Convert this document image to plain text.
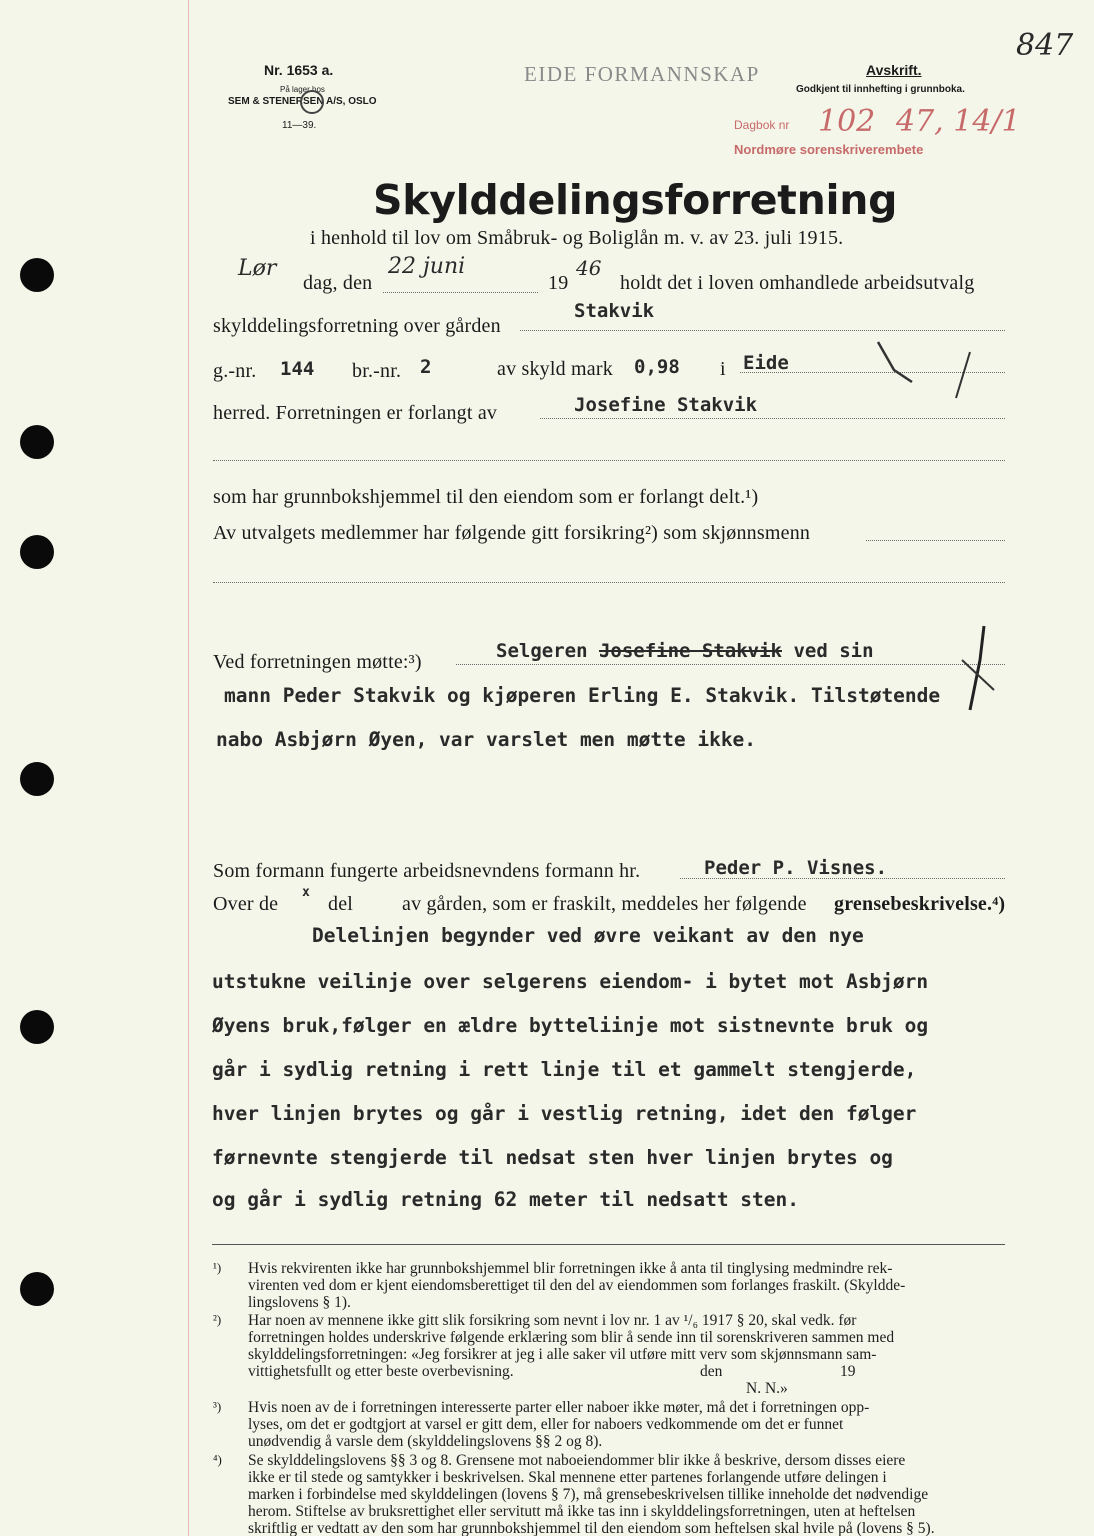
Nr. 1653 a.
På lager hos
SEM & STENERSEN A/S, OSLO
11—39.
EIDE FORMANNSKAP	Avskrift.
Godkjent til innhefting i grunnboka.
Dagbok nr 102 47, 14/1
Nordmøre sorenskriverembete
847
Skylddelingsforretning
i henhold til lov om Småbruk- og Boliglån m. v. av 23. juli 1915.
Lør
dag, den
22 juni
19
46
holdt det i loven omhandlede arbeidsutvalg
skylddelingsforretning over gården
Stakvik
g.-nr. 144 br.-nr. 2	av skyld mark 0,98 i Eide
herred. Forretningen er forlangt av	Josefine Stakvik
som har grunnbokshjemmel til den eiendom som er forlangt delt.¹)
Av utvalgets medlemmer har følgende gitt forsikring²) som skjønnsmenn
Ved forretningen møtte:³)	Selgeren Josefine Stakvik ved sin
mann Peder Stakvik og kjøperen Erling E. Stakvik. Tilstøtende
nabo Asbjørn Øyen, var varslet men møtte ikke.
Som formann fungerte arbeidsnevndens formann hr.	Peder P. Visnes.
Over de
x
del av gården, som er fraskilt, meddeles her følgende grensebeskrivelse.⁴)
Delelinjen begynder ved øvre veikant av den nye
utstukne veilinje over selgerens eiendom- i bytet mot Asbjørn
Øyens bruk,følger en ældre bytteliinje mot sistnevnte bruk og
går i sydlig retning i rett linje til et gammelt stengjerde,
hver linjen brytes og går i vestlig retning, idet den følger
førnevnte stengjerde til nedsat sten hver linjen brytes og
og går i sydlig retning 62 meter til nedsatt sten.
¹) Hvis rekvirenten ikke har grunnbokshjemmel blir forretningen ikke å anta til tinglysing medmindre rek-
virenten ved dom er kjent eiendomsberettiget til den del av eiendommen som forlanges fraskilt. (Skyldde-
lingslovens § 1).
²) Har noen av mennene ikke gitt slik forsikring som nevnt i lov nr. 1 av ¹/₆ 1917 § 20, skal vedk. før
forretningen holdes underskrive følgende erklæring som blir å sende inn til sorenskriveren sammen med
skylddelingsforretningen: «Jeg forsikrer at jeg i alle saker vil utføre mitt verv som skjønnsmann sam-
vittighetsfullt og etter beste overbevisning.	den	19
N. N.»
³) Hvis noen av de i forretningen interesserte parter eller naboer ikke møter, må det i forretningen opp-
lyses, om det er godtgjort at varsel er gitt dem, eller for naboers vedkommende om det er funnet
unødvendig å varsle dem (skylddelingslovens §§ 2 og 8).
⁴) Se skylddelingslovens §§ 3 og 8. Grensene mot naboeiendommer blir ikke å beskrive, dersom disses eiere
ikke er til stede og samtykker i beskrivelsen. Skal mennene etter partenes forlangende utføre delingen i
marken i forbindelse med skylddelingen (lovens § 7), må grensebeskrivelsen tillike inneholde det nødvendige
herom. Stiftelse av bruksrettighet eller servitutt må ikke tas inn i skylddelingsforretningen, uten at heftelsen
skriftlig er vedtatt av den som har grunnbokshjemmel til den eiendom som heftelsen skal hvile på (lovens § 5).
